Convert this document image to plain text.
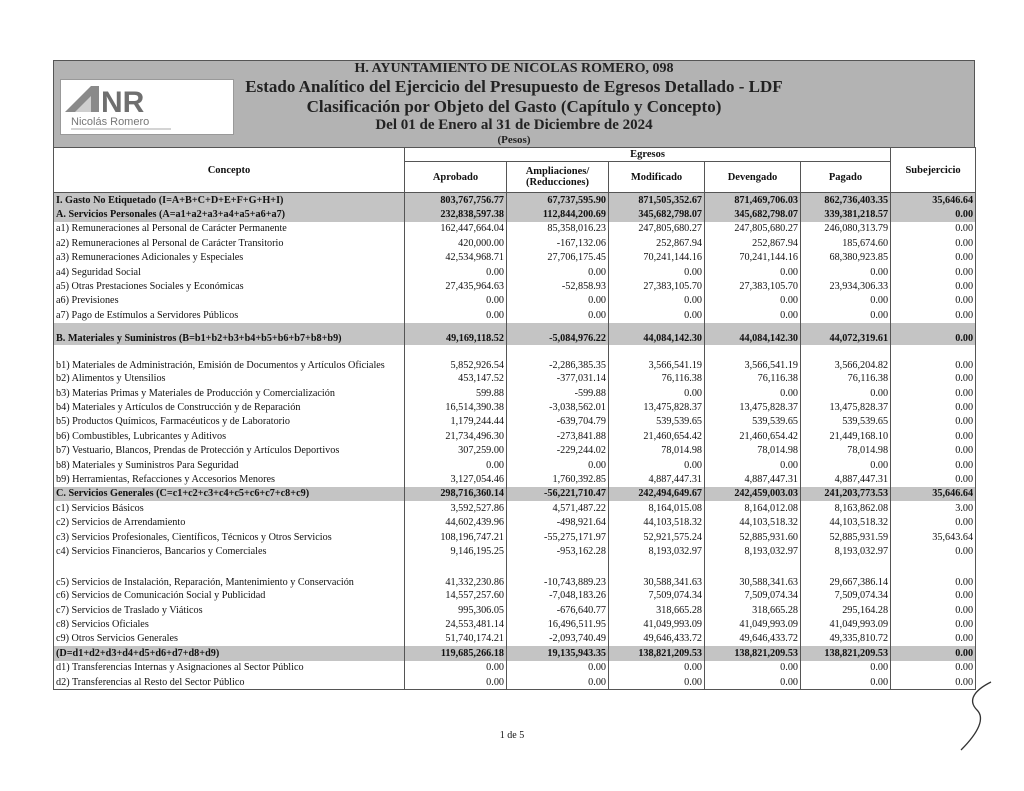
NR
Nicolás Romero
H. AYUNTAMIENTO DE NICOLAS ROMERO, 098
Estado Analítico del Ejercicio del Presupuesto de Egresos Detallado - LDF
Clasificación por Objeto del Gasto (Capítulo y Concepto)
Del 01 de Enero al 31 de Diciembre de 2024
(Pesos)
Concepto	Egresos					Subejercicio
	Aprobado	Ampliaciones/ (Reducciones)	Modificado	Devengado	Pagado	
I. Gasto No Etiquetado (I=A+B+C+D+E+F+G+H+I)	803,767,756.77	67,737,595.90	871,505,352.67	871,469,706.03	862,736,403.35	35,646.64
A. Servicios Personales (A=a1+a2+a3+a4+a5+a6+a7)	232,838,597.38	112,844,200.69	345,682,798.07	345,682,798.07	339,381,218.57	0.00
a1) Remuneraciones al Personal de Carácter Permanente	162,447,664.04	85,358,016.23	247,805,680.27	247,805,680.27	246,080,313.79	0.00
a2) Remuneraciones al Personal de Carácter Transitorio	420,000.00	-167,132.06	252,867.94	252,867.94	185,674.60	0.00
a3) Remuneraciones Adicionales y Especiales	42,534,968.71	27,706,175.45	70,241,144.16	70,241,144.16	68,380,923.85	0.00
a4) Seguridad Social	0.00	0.00	0.00	0.00	0.00	0.00
a5) Otras Prestaciones Sociales y Económicas	27,435,964.63	-52,858.93	27,383,105.70	27,383,105.70	23,934,306.33	0.00
a6) Previsiones	0.00	0.00	0.00	0.00	0.00	0.00
a7) Pago de Estímulos a Servidores Públicos	0.00	0.00	0.00	0.00	0.00	0.00
B. Materiales y Suministros (B=b1+b2+b3+b4+b5+b6+b7+b8+b9)	49,169,118.52	-5,084,976.22	44,084,142.30	44,084,142.30	44,072,319.61	0.00
b1) Materiales de Administración, Emisión de Documentos y Artículos Oficiales	5,852,926.54	-2,286,385.35	3,566,541.19	3,566,541.19	3,566,204.82	0.00
b2) Alimentos y Utensilios	453,147.52	-377,031.14	76,116.38	76,116.38	76,116.38	0.00
b3) Materias Primas y Materiales de Producción y Comercialización	599.88	-599.88	0.00	0.00	0.00	0.00
b4) Materiales y Artículos de Construcción y de Reparación	16,514,390.38	-3,038,562.01	13,475,828.37	13,475,828.37	13,475,828.37	0.00
b5) Productos Químicos, Farmacéuticos y de Laboratorio	1,179,244.44	-639,704.79	539,539.65	539,539.65	539,539.65	0.00
b6) Combustibles, Lubricantes y Aditivos	21,734,496.30	-273,841.88	21,460,654.42	21,460,654.42	21,449,168.10	0.00
b7) Vestuario, Blancos, Prendas de Protección y Artículos Deportivos	307,259.00	-229,244.02	78,014.98	78,014.98	78,014.98	0.00
b8) Materiales y Suministros Para Seguridad	0.00	0.00	0.00	0.00	0.00	0.00
b9) Herramientas, Refacciones y Accesorios Menores	3,127,054.46	1,760,392.85	4,887,447.31	4,887,447.31	4,887,447.31	0.00
C. Servicios Generales (C=c1+c2+c3+c4+c5+c6+c7+c8+c9)	298,716,360.14	-56,221,710.47	242,494,649.67	242,459,003.03	241,203,773.53	35,646.64
c1) Servicios Básicos	3,592,527.86	4,571,487.22	8,164,015.08	8,164,012.08	8,163,862.08	3.00
c2) Servicios de Arrendamiento	44,602,439.96	-498,921.64	44,103,518.32	44,103,518.32	44,103,518.32	0.00
c3) Servicios Profesionales, Científicos, Técnicos y Otros Servicios	108,196,747.21	-55,275,171.97	52,921,575.24	52,885,931.60	52,885,931.59	35,643.64
c4) Servicios Financieros, Bancarios y Comerciales	9,146,195.25	-953,162.28	8,193,032.97	8,193,032.97	8,193,032.97	0.00
c5) Servicios de Instalación, Reparación, Mantenimiento y Conservación	41,332,230.86	-10,743,889.23	30,588,341.63	30,588,341.63	29,667,386.14	0.00
c6) Servicios de Comunicación Social y Publicidad	14,557,257.60	-7,048,183.26	7,509,074.34	7,509,074.34	7,509,074.34	0.00
c7) Servicios de Traslado y Viáticos	995,306.05	-676,640.77	318,665.28	318,665.28	295,164.28	0.00
c8) Servicios Oficiales	24,553,481.14	16,496,511.95	41,049,993.09	41,049,993.09	41,049,993.09	0.00
c9) Otros Servicios Generales	51,740,174.21	-2,093,740.49	49,646,433.72	49,646,433.72	49,335,810.72	0.00
(D=d1+d2+d3+d4+d5+d6+d7+d8+d9)	119,685,266.18	19,135,943.35	138,821,209.53	138,821,209.53	138,821,209.53	0.00
d1) Transferencias Internas y Asignaciones al Sector Público	0.00	0.00	0.00	0.00	0.00	0.00
d2) Transferencias al Resto del Sector Público	0.00	0.00	0.00	0.00	0.00	0.00
1 de 5
